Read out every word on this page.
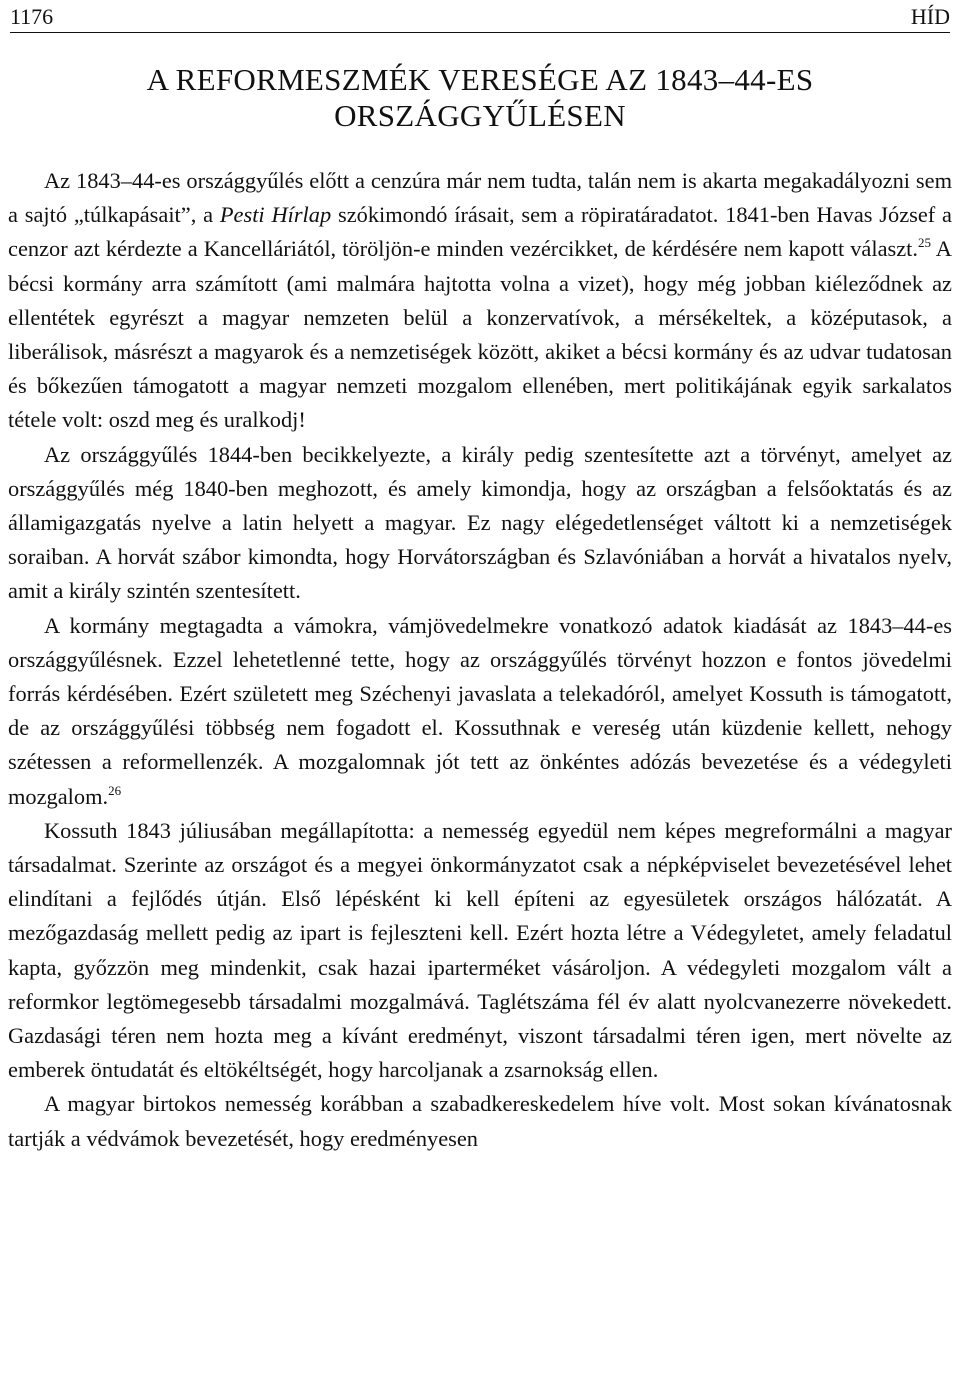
1176	HÍD
A REFORMESZMÉK VERESÉGE AZ 1843–44-ES
ORSZÁGGYŰLÉSEN

Az 1843–44-es országgyűlés előtt a cenzúra már nem tudta, talán nem is akarta megakadályozni sem a sajtó „túlkapásait”, a Pesti Hírlap szókimondó írásait, sem a röpiratáradatot. 1841-ben Havas József a cenzor azt kérdezte a Kancelláriától, töröljön-e minden vezércikket, de kérdésére nem kapott választ.$^{25}$ A bécsi kormány arra számított (ami malmára hajtotta volna a vizet), hogy még jobban kiéleződnek az ellentétek egyrészt a magyar nemzeten belül a konzervatívok, a mérsékeltek, a középutasok, a liberálisok, másrészt a magyarok és a nemzetiségek között, akiket a bécsi kormány és az udvar tudatosan és bőkezűen támogatott a magyar nemzeti mozgalom ellenében, mert politikájának egyik sarkalatos tétele volt: oszd meg és uralkodj!

Az országgyűlés 1844-ben becikkelyezte, a király pedig szentesítette azt a törvényt, amelyet az országgyűlés még 1840-ben meghozott, és amely kimondja, hogy az országban a felsőoktatás és az államigazgatás nyelve a latin helyett a magyar. Ez nagy elégedetlenséget váltott ki a nemzetiségek soraiban. A horvát szábor kimondta, hogy Horvátországban és Szlavóniában a horvát a hivatalos nyelv, amit a király szintén szentesített.

A kormány megtagadta a vámokra, vámjövedelmekre vonatkozó adatok kiadását az 1843–44-es országgyűlésnek. Ezzel lehetetlenné tette, hogy az országgyűlés törvényt hozzon e fontos jövedelmi forrás kérdésében. Ezért született meg Széchenyi javaslata a telekadóról, amelyet Kossuth is támogatott, de az országgyűlési többség nem fogadott el. Kossuthnak e vereség után küzdenie kellett, nehogy szétessen a reformellenzék. A mozgalomnak jót tett az önkéntes adózás bevezetése és a védegyleti mozgalom.$^{26}$

Kossuth 1843 júliusában megállapította: a nemesség egyedül nem képes megreformálni a magyar társadalmat. Szerinte az országot és a megyei önkormányzatot csak a népképviselet bevezetésével lehet elindítani a fejlődés útján. Első lépésként ki kell építeni az egyesületek országos hálózatát. A mezőgazdaság mellett pedig az ipart is fejleszteni kell. Ezért hozta létre a Védegyletet, amely feladatul kapta, győzzön meg mindenkit, csak hazai iparterméket vásároljon. A védegyleti mozgalom vált a reformkor legtömegesebb társadalmi mozgalmává. Taglétszáma fél év alatt nyolcvanezerre növekedett. Gazdasági téren nem hozta meg a kívánt eredményt, viszont társadalmi téren igen, mert növelte az emberek öntudatát és eltökéltségét, hogy harcoljanak a zsarnokság ellen.

A magyar birtokos nemesség korábban a szabadkereskedelem híve volt. Most sokan kívánatosnak tartják a védvámok bevezetését, hogy eredményesen
